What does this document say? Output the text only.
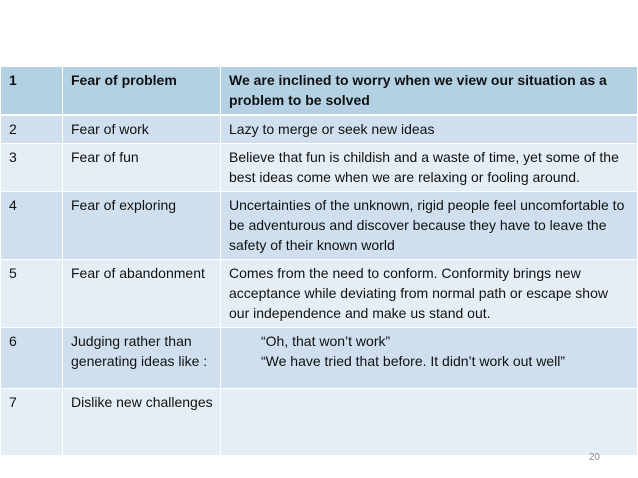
1	Fear of problem	We are inclined to worry when we view our situation as a problem to be solved
2	Fear of work	Lazy to merge or seek new ideas
3	Fear of fun	Believe that fun is childish and a waste of time, yet some of the best ideas come when we are relaxing or fooling around.
4	Fear of exploring	Uncertainties of the unknown, rigid people feel uncomfortable to be adventurous and discover because they have to leave the safety of their known world
5	Fear of abandonment	Comes from the need to conform. Conformity brings new acceptance while deviating from normal path or escape show our independence and make us stand out.
6	Judging rather than generating ideas like :	“Oh, that won’t work”
“We have tried that before. It didn’t work out well”

7	Dislike new challenges	
20
